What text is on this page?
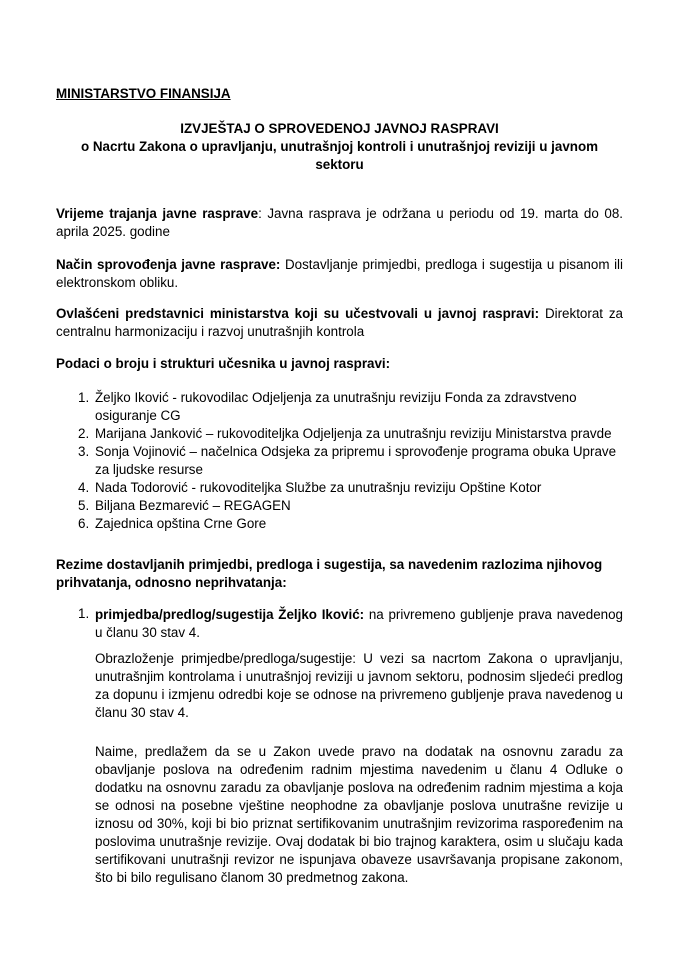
MINISTARSTVO FINANSIJA
IZVJEŠTAJ O SPROVEDENOJ JAVNOJ RASPRAVI
o Nacrtu Zakona o upravljanju, unutrašnjoj kontroli i unutrašnjoj reviziji u javnom sektoru
Vrijeme trajanja javne rasprave: Javna rasprava je održana u periodu od 19. marta do 08. aprila 2025. godine
Način sprovođenja javne rasprave: Dostavljanje primjedbi, predloga i sugestija u pisanom ili elektronskom obliku.
Ovlašćeni predstavnici ministarstva koji su učestvovali u javnoj raspravi: Direktorat za centralnu harmonizaciju i razvoj unutrašnjih kontrola
Podaci o broju i strukturi učesnika u javnoj raspravi:
1. Željko Iković - rukovodilac Odjeljenja za unutrašnju reviziju Fonda za zdravstveno osiguranje CG
2. Marijana Janković – rukovoditeljka Odjeljenja za unutrašnju reviziju Ministarstva pravde
3. Sonja Vojinović – načelnica Odsjeka za pripremu i sprovođenje programa obuka Uprave za ljudske resurse
4. Nada Todorović - rukovoditeljka Službe za unutrašnju reviziju Opštine Kotor
5. Biljana Bezmarević – REGAGEN
6. Zajednica opština Crne Gore
Rezime dostavljanih primjedbi, predloga i sugestija, sa navedenim razlozima njihovog prihvatanja, odnosno neprihvatanja:
1. primjedba/predlog/sugestija Željko Iković: na privremeno gubljenje prava navedenog u članu 30 stav 4.
Obrazloženje primjedbe/predloga/sugestije: U vezi sa nacrtom Zakona o upravljanju, unutrašnjim kontrolama i unutrašnjoj reviziji u javnom sektoru, podnosim sljedeći predlog za dopunu i izmjenu odredbi koje se odnose na privremeno gubljenje prava navedenog u članu 30 stav 4.
Naime, predlažem da se u Zakon uvede pravo na dodatak na osnovnu zaradu za obavljanje poslova na određenim radnim mjestima navedenim u članu 4 Odluke o dodatku na osnovnu zaradu za obavljanje poslova na određenim radnim mjestima a koja se odnosi na posebne vještine neophodne za obavljanje poslova unutrašne revizije u iznosu od 30%, koji bi bio priznat sertifikovanim unutrašnjim revizorima raspoređenim na poslovima unutrašnje revizije. Ovaj dodatak bi bio trajnog karaktera, osim u slučaju kada sertifikovani unutrašnji revizor ne ispunjava obaveze usavršavanja propisane zakonom, što bi bilo regulisano članom 30 predmetnog zakona.
